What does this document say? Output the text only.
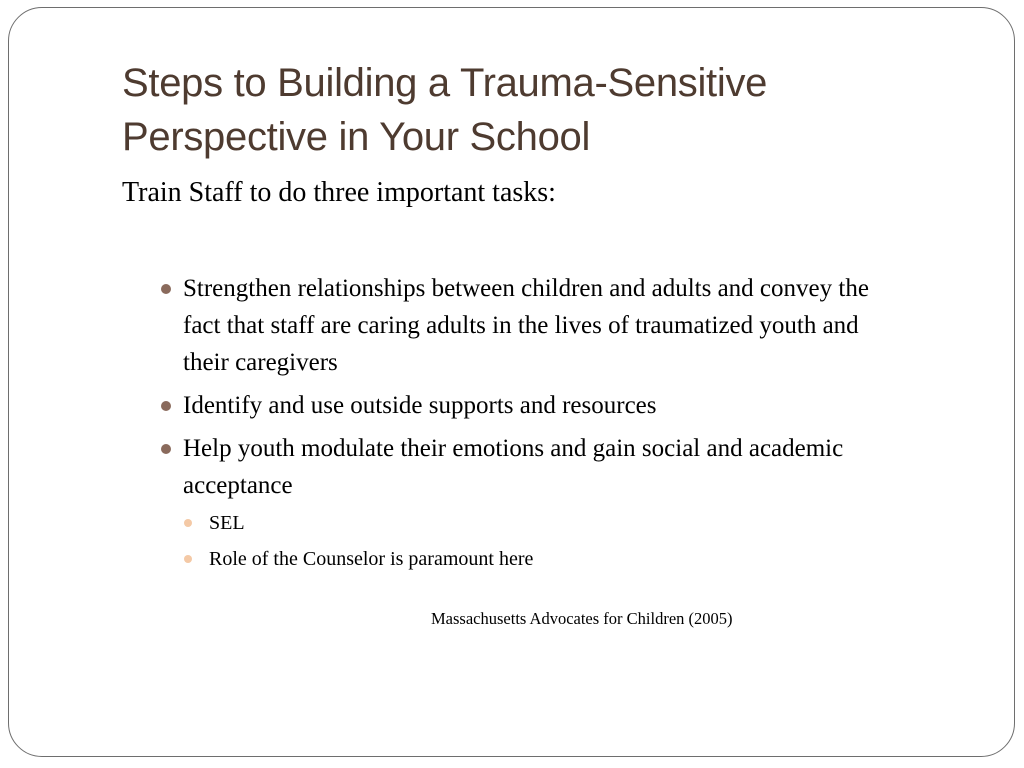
Steps to Building a Trauma-Sensitive
Perspective in Your School

Train Staff to do three important tasks:

Strengthen relationships between children and adults and convey the fact that staff are caring adults in the lives of traumatized youth and their caregivers
Identify and use outside supports and resources
Help youth modulate their emotions and gain social and academic acceptance
SEL
Role of the Counselor is paramount here

Massachusetts Advocates for Children (2005)
